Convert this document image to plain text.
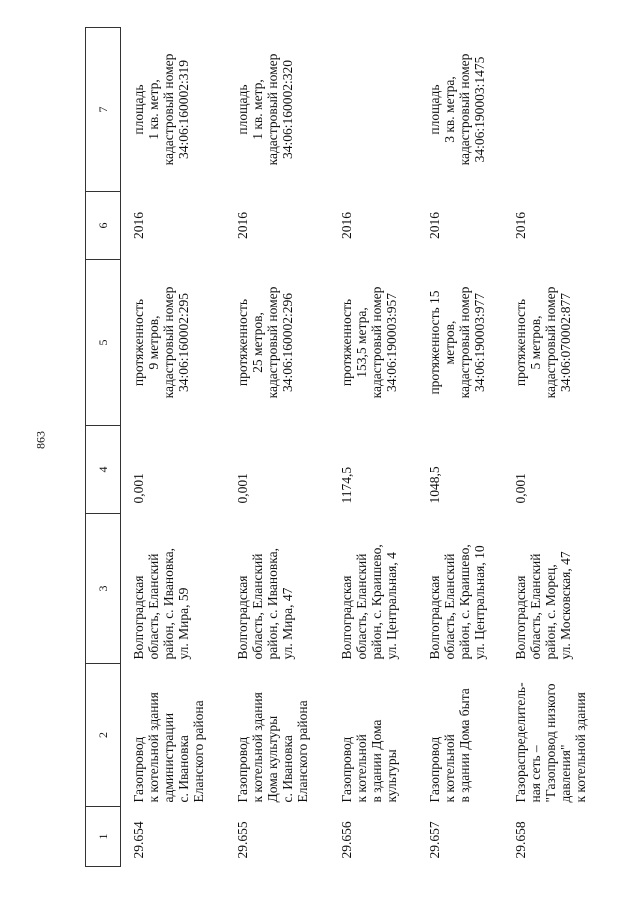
863
1	2	3	4	5	6	7
29.654	Газопровод
к котельной здания
администрации
с. Ивановка
Еланского района	Волгоградская
область, Еланский
район, с. Ивановка,
ул. Мира, 59	0,001	протяженность
9 метров,
кадастровый номер
34:06:160002:295	2016	площадь
1 кв. метр,
кадастровый номер
34:06:160002:319
29.655	Газопровод
к котельной здания
Дома культуры
с. Ивановка
Еланского района	Волгоградская
область, Еланский
район, с. Ивановка,
ул. Мира, 47	0,001	протяженность
25 метров,
кадастровый номер
34:06:160002:296	2016	площадь
1 кв. метр,
кадастровый номер
34:06:160002:320
29.656	Газопровод
к котельной
в здании Дома
культуры	Волгоградская
область, Еланский
район, с. Краишево,
ул. Центральная, 4	1174,5	протяженность
153,5 метра,
кадастровый номер
34:06:190003:957	2016	
29.657	Газопровод
к котельной
в здании Дома быта	Волгоградская
область, Еланский
район, с. Краишево,
ул. Центральная, 10	1048,5	протяженность 15
метров,
кадастровый номер
34:06:190003:977	2016	площадь
3 кв. метра,
кадастровый номер
34:06:190003:1475
29.658	Газораспределитель-
ная сеть –
"Газопровод низкого
давления"
к котельной здания	Волгоградская
область, Еланский
район, с. Морец,
ул. Московская, 47	0,001	протяженность
5 метров,
кадастровый номер
34:06:070002:877	2016	
